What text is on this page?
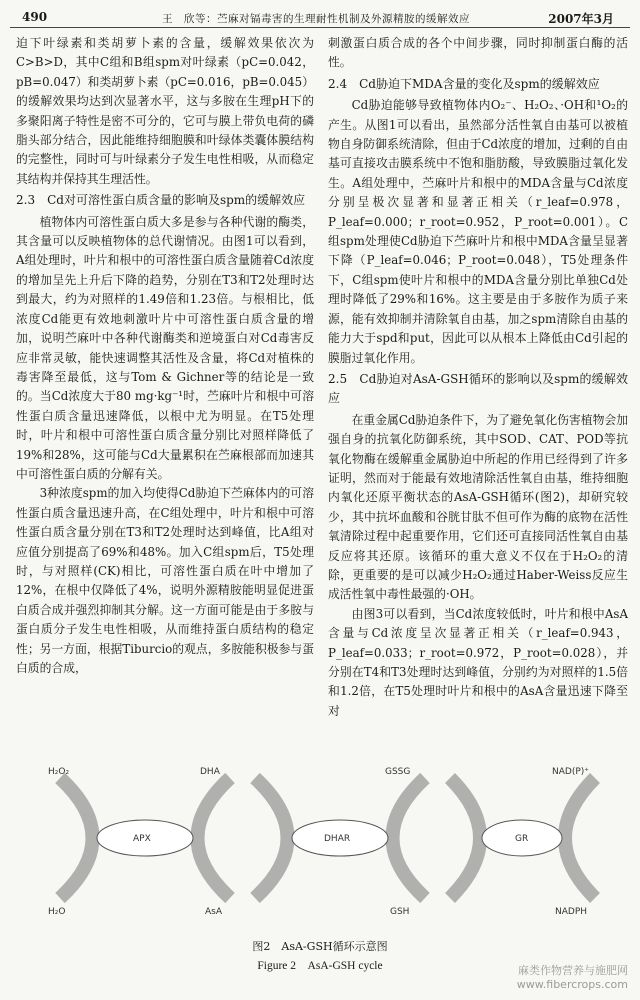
490	王　欣等：苎麻对镉毒害的生理耐性机制及外源精胺的缓解效应	2007年3月

迫下叶绿素和类胡萝卜素的含量，缓解效果依次为C>B>D，其中C组和B组spm对叶绿素（pC=0.042，pB=0.047）和类胡萝卜素（pC=0.016，pB=0.045）的缓解效果均达到次显著水平，这与多胺在生理pH下的多聚阳离子特性是密不可分的，它可与膜上带负电荷的磷脂头部分结合，因此能维持细胞膜和叶绿体类囊体膜结构的完整性，同时可与叶绿素分子发生电性相吸，从而稳定其结构并保持其生理活性。

2.3　Cd对可溶性蛋白质含量的影响及spm的缓解效应

植物体内可溶性蛋白质大多是参与各种代谢的酶类，其含量可以反映植物体的总代谢情况。由图1可以看到，A组处理时，叶片和根中的可溶性蛋白质含量随着Cd浓度的增加呈先上升后下降的趋势，分别在T3和T2处理时达到最大，约为对照样的1.49倍和1.23倍。与根相比，低浓度Cd能更有效地刺激叶片中可溶性蛋白质含量的增加，说明苎麻叶中各种代谢酶类和逆境蛋白对Cd毒害反应非常灵敏，能快速调整其活性及含量，将Cd对植株的毒害降至最低，这与Tom & Gichner等的结论是一致的。当Cd浓度大于80 mg·kg⁻¹时，苎麻叶片和根中可溶性蛋白质含量迅速降低，以根中尤为明显。在T5处理时，叶片和根中可溶性蛋白质含量分别比对照样降低了19%和28%，这可能与Cd大量累积在苎麻根部而加速其中可溶性蛋白质的分解有关。

3种浓度spm的加入均使得Cd胁迫下苎麻体内的可溶性蛋白质含量迅速升高，在C组处理中，叶片和根中可溶性蛋白质含量分别在T3和T2处理时达到峰值，比A组对应值分别提高了69%和48%。加入C组spm后，T5处理时，与对照样(CK)相比，可溶性蛋白质在叶中增加了12%，在根中仅降低了4%，说明外源精胺能明显促进蛋白质合成并强烈抑制其分解。这一方面可能是由于多胺与蛋白质分子发生电性相吸，从而维持蛋白质结构的稳定性；另一方面，根据Tiburcio的观点，多胺能积极参与蛋白质的合成，

刺激蛋白质合成的各个中间步骤，同时抑制蛋白酶的活性。

2.4　Cd胁迫下MDA含量的变化及spm的缓解效应

Cd胁迫能够导致植物体内O₂⁻、H₂O₂、·OH和¹O₂的产生。从图1可以看出，虽然部分活性氧自由基可以被植物自身防御系统清除，但由于Cd浓度的增加，过剩的自由基可直接攻击膜系统中不饱和脂肪酸，导致膜脂过氧化发生。A组处理中，苎麻叶片和根中的MDA含量与Cd浓度分别呈极次显著和显著正相关（r_leaf=0.978，P_leaf=0.000；r_root=0.952，P_root=0.001）。C组spm处理使Cd胁迫下苎麻叶片和根中MDA含量呈显著下降（P_leaf=0.046；P_root=0.048），T5处理条件下，C组spm使叶片和根中的MDA含量分别比单独Cd处理时降低了29%和16%。这主要是由于多胺作为质子来源，能有效抑制并清除氧自由基，加之spm清除自由基的能力大于spd和put，因此可以从根本上降低由Cd引起的膜脂过氧化作用。

2.5　Cd胁迫对AsA-GSH循环的影响以及spm的缓解效应

在重金属Cd胁迫条件下，为了避免氧化伤害植物会加强自身的抗氧化防御系统，其中SOD、CAT、POD等抗氧化物酶在缓解重金属胁迫中所起的作用已经得到了许多证明，然而对于能最有效地清除活性氧自由基，维持细胞内氧化还原平衡状态的AsA-GSH循环(图2)，却研究较少，其中抗坏血酸和谷胱甘肽不但可作为酶的底物在活性氧清除过程中起重要作用，它们还可直接同活性氧自由基反应将其还原。该循环的重大意义不仅在于H₂O₂的清除，更重要的是可以减少H₂O₂通过Haber-Weiss反应生成活性氧中毒性最强的·OH。

由图3可以看到，当Cd浓度较低时，叶片和根中AsA含量与Cd浓度呈次显著正相关（r_leaf=0.943，P_leaf=0.033；r_root=0.972，P_root=0.028），并分别在T4和T3处理时达到峰值，分别约为对照样的1.5倍和1.2倍，在T5处理时叶片和根中的AsA含量迅速下降至对

H₂O₂
H₂O
DHA
AsA
APX
GSSG
GSH
DHAR
NAD(P)⁺
NADPH
GR
图2　AsA-GSH循环示意图
Figure 2　AsA-GSH cycle	麻类作物营养与施肥网
www.fibercrops.com
